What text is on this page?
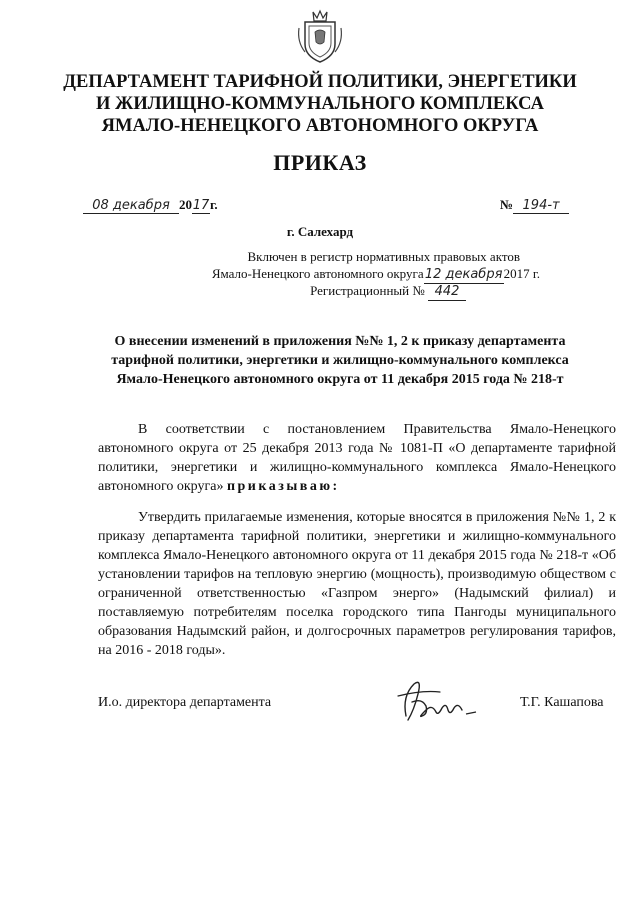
ДЕПАРТАМЕНТ ТАРИФНОЙ ПОЛИТИКИ, ЭНЕРГЕТИКИ
И ЖИЛИЩНО-КОММУНАЛЬНОГО КОМПЛЕКСА
ЯМАЛО-НЕНЕЦКОГО АВТОНОМНОГО ОКРУГА
ПРИКАЗ
08 декабря 2017г.	№ 194-т
г. Салехард
Включен в регистр нормативных правовых актов
Ямало-Ненецкого автономного округа12 декабря2017 г.
Регистрационный № 442
О внесении изменений в приложения №№ 1, 2 к приказу департамента
тарифной политики, энергетики и жилищно-коммунального комплекса
Ямало-Ненецкого автономного округа от 11 декабря 2015 года № 218-т
В соответствии с постановлением Правительства Ямало-Ненецкого автономного округа от 25 декабря 2013 года № 1081-П «О департаменте тарифной политики, энергетики и жилищно-коммунального комплекса Ямало-Ненецкого автономного округа» приказываю:
Утвердить прилагаемые изменения, которые вносятся в приложения №№ 1, 2 к приказу департамента тарифной политики, энергетики и жилищно-коммунального комплекса Ямало-Ненецкого автономного округа от 11 декабря 2015 года № 218-т «Об установлении тарифов на тепловую энергию (мощность), производимую обществом с ограниченной ответственностью «Газпром энерго» (Надымский филиал) и поставляемую потребителям поселка городского типа Пангоды муниципального образования Надымский район, и долгосрочных параметров регулирования тарифов, на 2016 - 2018 годы».
И.о. директора департамента	Т.Г. Кашапова
